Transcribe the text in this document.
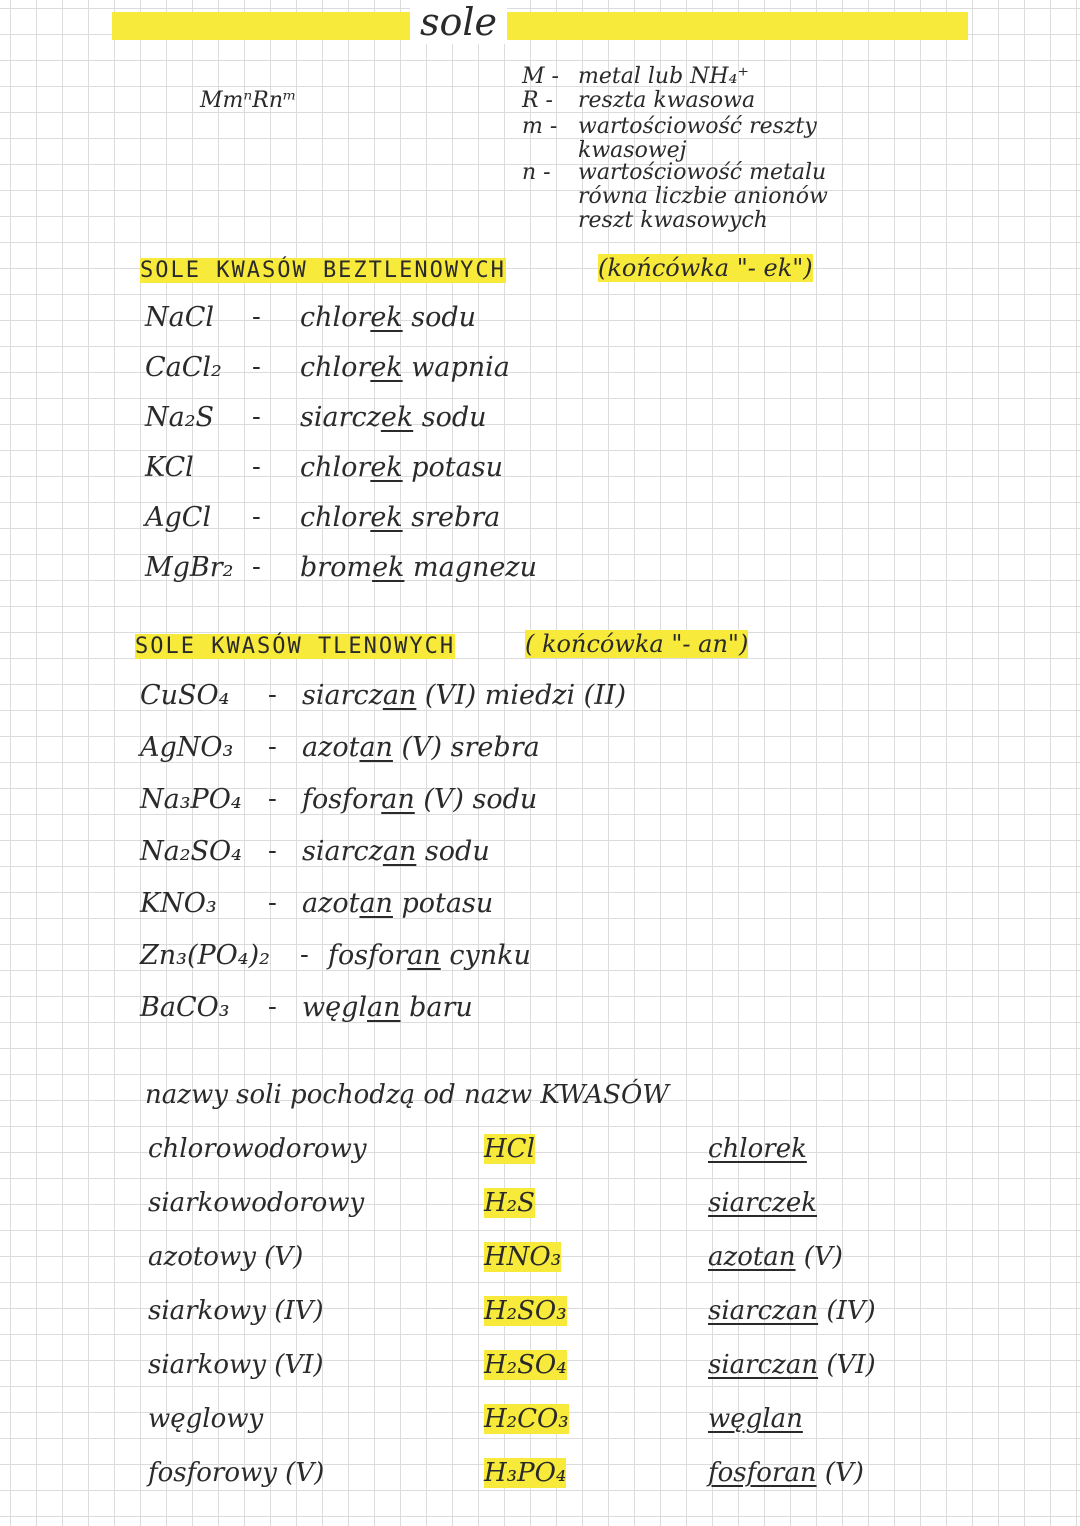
sole
MmⁿRnᵐ
M - metal lub NH₄⁺
R - reszta kwasowa
m - wartościowość reszty
kwasowej
n - wartościowość metalu
równa liczbie anionów
reszt kwasowych
SOLE KWASÓW BEZTLENOWYCH	(końcówka "- ek")
NaCl - chlorek sodu
CaCl₂ - chlorek wapnia
Na₂S - siarczek sodu
KCl - chlorek potasu
AgCl - chlorek srebra
MgBr₂ - bromek magnezu
SOLE KWASÓW TLENOWYCH	( końcówka "- an")
CuSO₄ - siarczan (VI) miedzi (II)
AgNO₃ - azotan (V) srebra
Na₃PO₄ - fosforan (V) sodu
Na₂SO₄ - siarczan sodu
KNO₃ - azotan potasu
Zn₃(PO₄)₂ - fosforan cynku
BaCO₃ - węglan baru
nazwy soli pochodzą od nazw KWASÓW
chlorowodorowy	HCl	chlorek
siarkowodorowy	H₂S	siarczek
azotowy (V)	HNO₃	azotan (V)
siarkowy (IV)	H₂SO₃	siarczan (IV)
siarkowy (VI)	H₂SO₄	siarczan (VI)
węglowy	H₂CO₃	węglan
fosforowy (V)	H₃PO₄	fosforan (V)
